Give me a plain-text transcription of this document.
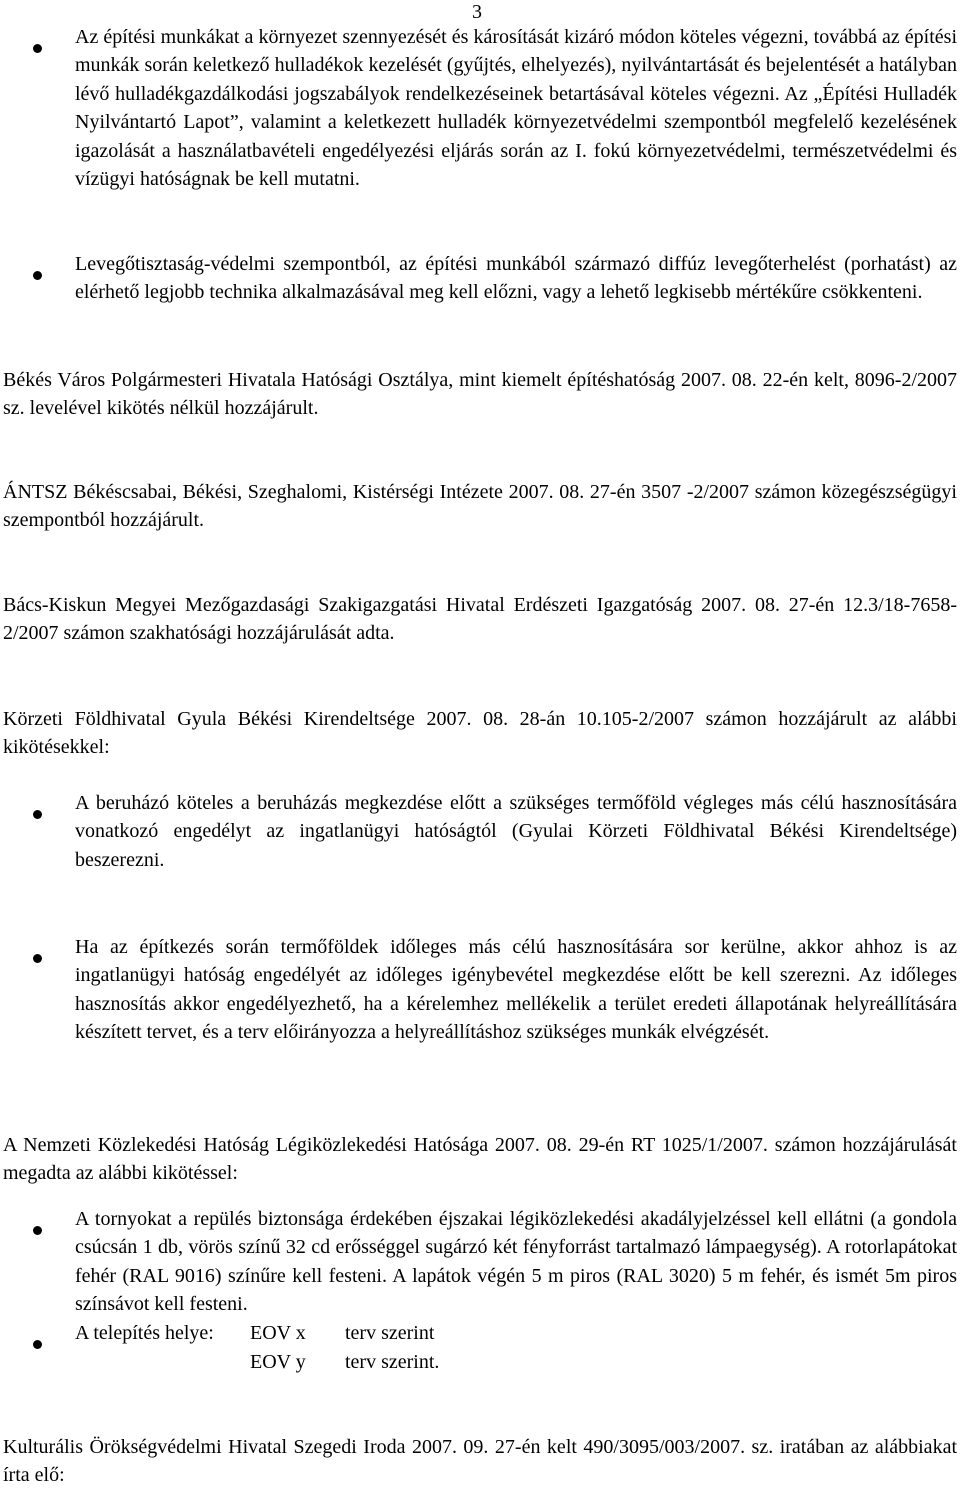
3
Az építési munkákat a környezet szennyezését és károsítását kizáró módon köteles végezni, továbbá az építési munkák során keletkező hulladékok kezelését (gyűjtés, elhelyezés), nyilvántartását és bejelentését a hatályban lévő hulladékgazdálkodási jogszabályok rendelkezéseinek betartásával köteles végezni. Az „Építési Hulladék Nyilvántartó Lapot”, valamint a keletkezett hulladék környezetvédelmi szempontból megfelelő kezelésének igazolását a használatbavételi engedélyezési eljárás során az I. fokú környezetvédelmi, természetvédelmi és vízügyi hatóságnak be kell mutatni.
Levegőtisztaság-védelmi szempontból, az építési munkából származó diffúz levegőterhelést (porhatást) az elérhető legjobb technika alkalmazásával meg kell előzni, vagy a lehető legkisebb mértékűre csökkenteni.
Békés Város Polgármesteri Hivatala Hatósági Osztálya, mint kiemelt építéshatóság 2007. 08. 22-én kelt, 8096-2/2007 sz. levelével kikötés nélkül hozzájárult.
ÁNTSZ Békéscsabai, Békési, Szeghalomi, Kistérségi Intézete 2007. 08. 27-én 3507 -2/2007 számon közegészségügyi szempontból hozzájárult.
Bács-Kiskun Megyei Mezőgazdasági Szakigazgatási Hivatal Erdészeti Igazgatóság 2007. 08. 27-én 12.3/18-7658-2/2007 számon szakhatósági hozzájárulását adta.
Körzeti Földhivatal Gyula Békési Kirendeltsége 2007. 08. 28-án 10.105-2/2007 számon hozzájárult az alábbi kikötésekkel:
A beruházó köteles a beruházás megkezdése előtt a szükséges termőföld végleges más célú hasznosítására vonatkozó engedélyt az ingatlanügyi hatóságtól (Gyulai Körzeti Földhivatal Békési Kirendeltsége) beszerezni.
Ha az építkezés során termőföldek időleges más célú hasznosítására sor kerülne, akkor ahhoz is az ingatlanügyi hatóság engedélyét az időleges igénybevétel megkezdése előtt be kell szerezni. Az időleges hasznosítás akkor engedélyezhető, ha a kérelemhez mellékelik a terület eredeti állapotának helyreállítására készített tervet, és a terv előirányozza a helyreállításhoz szükséges munkák elvégzését.
A Nemzeti Közlekedési Hatóság Légiközlekedési Hatósága 2007. 08. 29-én RT 1025/1/2007. számon hozzájárulását megadta az alábbi kikötéssel:
A tornyokat a repülés biztonsága érdekében éjszakai légiközlekedési akadályjelzéssel kell ellátni (a gondola csúcsán 1 db, vörös színű 32 cd erősséggel sugárzó két fényforrást tartalmazó lámpaegység). A rotorlapátokat fehér (RAL 9016) színűre kell festeni. A lapátok végén 5 m piros (RAL 3020) 5 m fehér, és ismét 5m piros színsávot kell festeni.
A telepítés helye: EOV x terv szerint
EOV y terv szerint.
Kulturális Örökségvédelmi Hivatal Szegedi Iroda 2007. 09. 27-én kelt 490/3095/003/2007. sz. iratában az alábbiakat írta elő:
